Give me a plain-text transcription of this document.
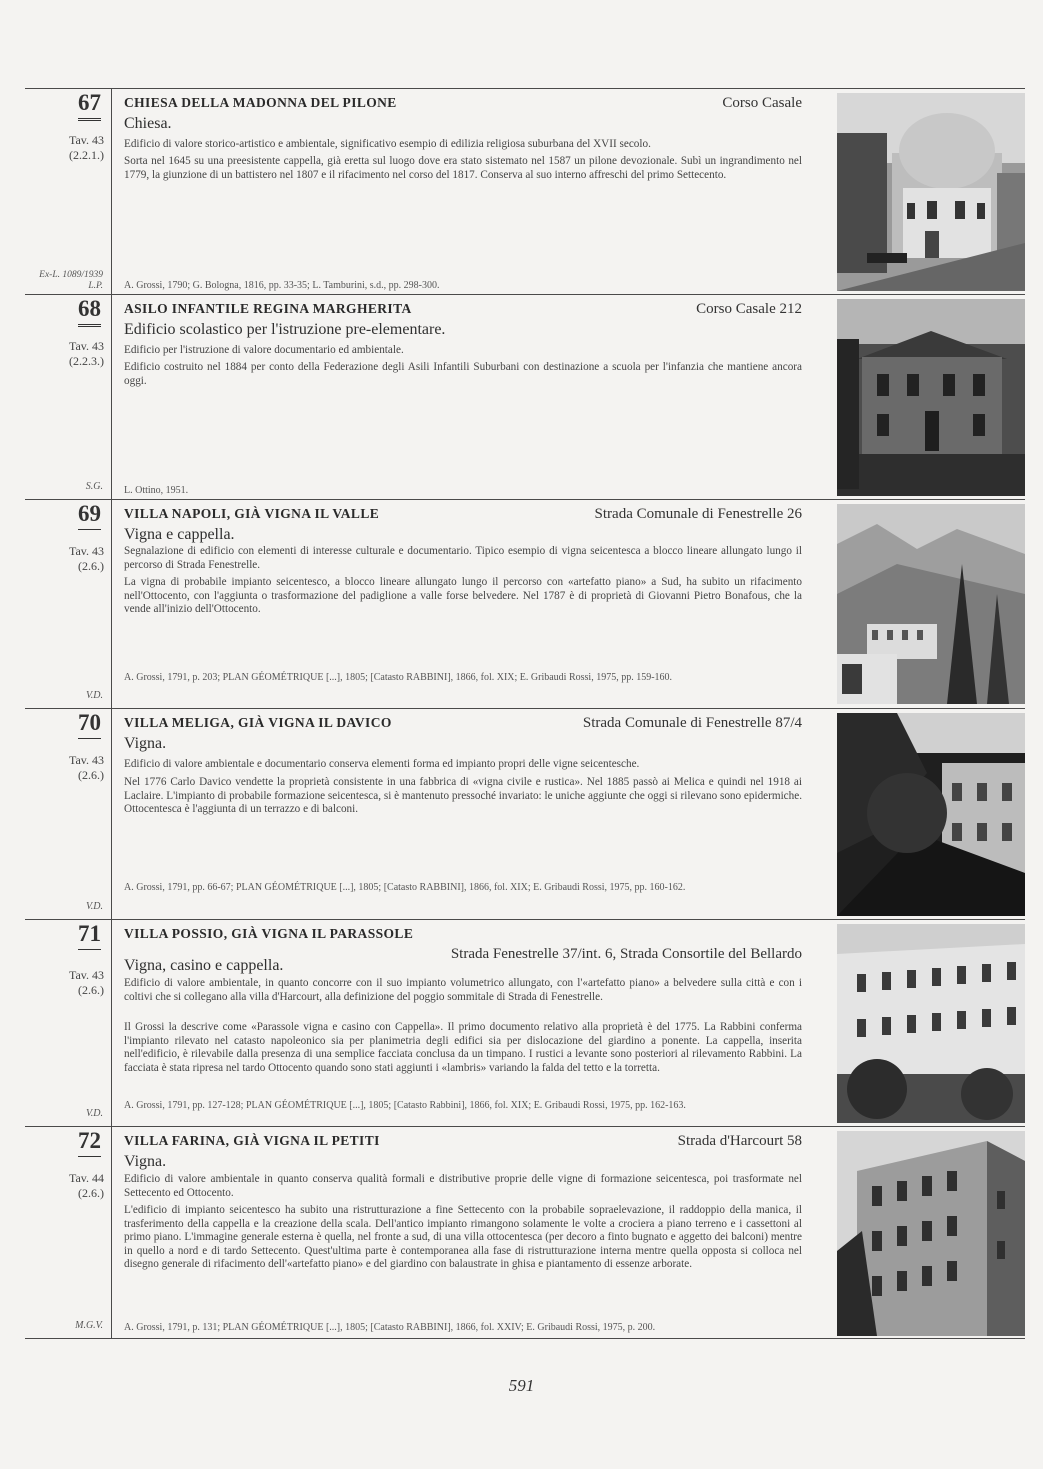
67
Tav. 43
(2.2.1.)
Ex-L. 1089/1939
L.P.
CHIESA DELLA MADONNA DEL PILONE	Corso Casale
Chiesa.
Edificio di valore storico-artistico e ambientale, significativo esempio di edilizia religiosa suburbana del XVII secolo.
Sorta nel 1645 su una preesistente cappella, già eretta sul luogo dove era stato sistemato nel 1587 un pilone devozionale. Subì un ingrandimento nel 1779, la giunzione di un battistero nel 1807 e il rifacimento nel corso del 1817. Conserva al suo interno affreschi del primo Settecento.
A. Grossi, 1790; G. Bologna, 1816, pp. 33-35; L. Tamburini, s.d., pp. 298-300.
68
Tav. 43
(2.2.3.)
S.G.
ASILO INFANTILE REGINA MARGHERITA	Corso Casale 212
Edificio scolastico per l'istruzione pre-elementare.
Edificio per l'istruzione di valore documentario ed ambientale.
Edificio costruito nel 1884 per conto della Federazione degli Asili Infantili Suburbani con destinazione a scuola per l'infanzia che mantiene ancora oggi.
L. Ottino, 1951.
69
Tav. 43
(2.6.)
V.D.
VILLA NAPOLI, GIÀ VIGNA IL VALLE	Strada Comunale di Fenestrelle 26
Vigna e cappella.
Segnalazione di edificio con elementi di interesse culturale e documentario. Tipico esempio di vigna seicentesca a blocco lineare allungato lungo il percorso di Strada Fenestrelle.
La vigna di probabile impianto seicentesco, a blocco lineare allungato lungo il percorso con «artefatto piano» a Sud, ha subito un rifacimento nell'Ottocento, con l'aggiunta o trasformazione del padiglione a valle forse belvedere. Nel 1787 è di proprietà di Giovanni Pietro Bonafous, che la vende all'inizio dell'Ottocento.
A. Grossi, 1791, p. 203; PLAN GÉOMÉTRIQUE [...], 1805; [Catasto RABBINI], 1866, fol. XIX; E. Gribaudi Rossi, 1975, pp. 159-160.
70
Tav. 43
(2.6.)
V.D.
VILLA MELIGA, GIÀ VIGNA IL DAVICO	Strada Comunale di Fenestrelle 87/4
Vigna.
Edificio di valore ambientale e documentario conserva elementi forma ed impianto propri delle vigne seicentesche.
Nel 1776 Carlo Davico vendette la proprietà consistente in una fabbrica di «vigna civile e rustica». Nel 1885 passò ai Melica e quindi nel 1918 ai Laclaire. L'impianto di probabile formazione seicentesca, si è mantenuto pressoché invariato: le uniche aggiunte che oggi si rilevano sono epidermiche. Ottocentesca è l'aggiunta di un terrazzo e di balconi.
A. Grossi, 1791, pp. 66-67; PLAN GÉOMÉTRIQUE [...], 1805; [Catasto RABBINI], 1866, fol. XIX; E. Gribaudi Rossi, 1975, pp. 160-162.
71
Tav. 43
(2.6.)
V.D.
VILLA POSSIO, GIÀ VIGNA IL PARASSOLE
Strada Fenestrelle 37/int. 6, Strada Consortile del Bellardo
Vigna, casino e cappella.
Edificio di valore ambientale, in quanto concorre con il suo impianto volumetrico allungato, con l'«artefatto piano» a belvedere sulla città e con i coltivi che si collegano alla villa d'Harcourt, alla definizione del poggio sommitale di Strada di Fenestrelle.
Il Grossi la descrive come «Parassole vigna e casino con Cappella». Il primo documento relativo alla proprietà è del 1775. La Rabbini conferma l'impianto rilevato nel catasto napoleonico sia per planimetria degli edifici sia per dislocazione del giardino a ponente. La cappella, inserita nell'edificio, è rilevabile dalla presenza di una semplice facciata conclusa da un timpano. I rustici a levante sono posteriori al rilevamento Rabbini. La facciata è stata ripresa nel tardo Ottocento quando sono stati aggiunti i «lambris» variando la falda del tetto e la torretta.
A. Grossi, 1791, pp. 127-128; PLAN GÉOMÉTRIQUE [...], 1805; [Catasto Rabbini], 1866, fol. XIX; E. Gribaudi Rossi, 1975, pp. 162-163.
72
Tav. 44
(2.6.)
M.G.V.
VILLA FARINA, GIÀ VIGNA IL PETITI	Strada d'Harcourt 58
Vigna.
Edificio di valore ambientale in quanto conserva qualità formali e distributive proprie delle vigne di formazione seicentesca, poi trasformate nel Settecento ed Ottocento.
L'edificio di impianto seicentesco ha subito una ristrutturazione a fine Settecento con la probabile sopraelevazione, il raddoppio della manica, il trasferimento della cappella e la creazione della scala. Dell'antico impianto rimangono solamente le volte a crociera a piano terreno e i cassettoni al primo piano. L'immagine generale esterna è quella, nel fronte a sud, di una villa ottocentesca (per decoro a finto bugnato e aggetto dei balconi) mentre in quello a nord e di tardo Settecento. Quest'ultima parte è contemporanea alla fase di ristrutturazione interna mentre quella opposta si colloca nel disegno generale di rifacimento dell'«artefatto piano» e del giardino con balaustrate in ghisa e piantamento di essenze arborate.
A. Grossi, 1791, p. 131; PLAN GÉOMÉTRIQUE [...], 1805; [Catasto RABBINI], 1866, fol. XXIV; E. Gribaudi Rossi, 1975, p. 200.
591
